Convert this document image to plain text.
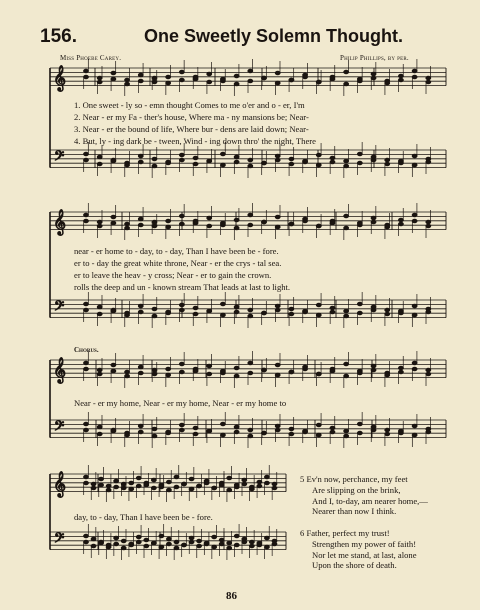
156.	One Sweetly Solemn Thought.
Miss Phoebe Carey.	Philip Phillips, by per.
𝄞
𝄢
𝄞
𝄢
𝄞
𝄢
𝄞
𝄢
1. One sweet - ly so - emn thought Comes to me o'er and o - er, I'm
2. Near - er my Fa - ther's house, Where ma - ny mansions be; Near-
3. Near - er the bound of life, Where bur - dens are laid down; Near-
4. But, ly - ing dark be - tween, Wind - ing down thro' the night, There
near - er home to - day, to - day, Than I have been be - fore.
er to - day the great white throne, Near - er the crys - tal sea.
er to leave the heav - y cross; Near - er to gain the crown.
rolls the deep and un - known stream That leads at last to light.
Chorus.
Near - er my home, Near - er my home, Near - er my home to
day, to - day, Than I have been be - fore.
5 Ev'n now, perchance, my feet
Are slipping on the brink,
And I, to-day, am nearer home,—
Nearer than now I think.

6 Father, perfect my trust!
Strengthen my power of faith!
Nor let me stand, at last, alone
Upon the shore of death.
86
